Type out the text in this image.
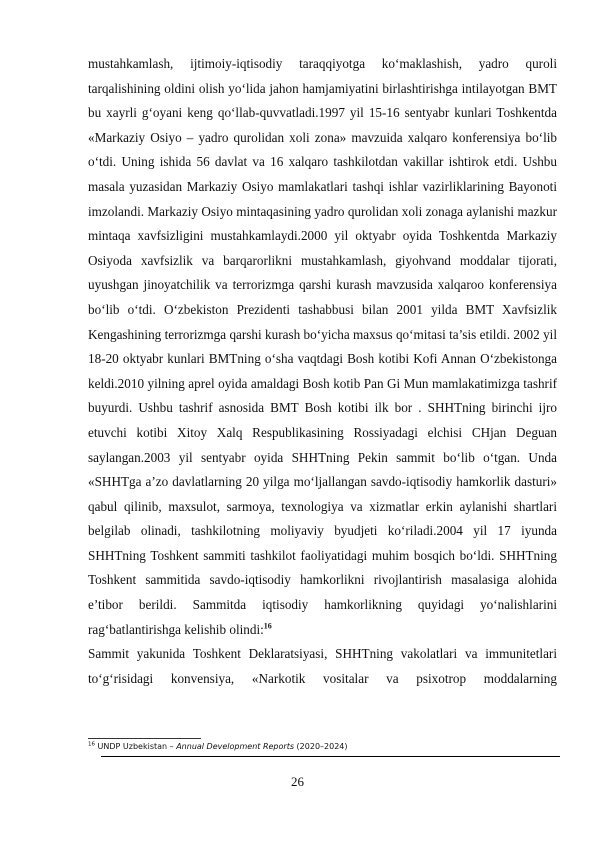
mustahkamlash, ijtimoiy-iqtisodiy taraqqiyotga ko‘maklashish, yadro quroli tarqalishining oldini olish yo‘lida jahon hamjamiyatini birlashtirishga intilayotgan BMT bu xayrli g‘oyani keng qo‘llab-quvvatladi.1997 yil 15-16 sentyabr kunlari Toshkentda «Markaziy Osiyo – yadro qurolidan xoli zona» mavzuida xalqaro konferensiya bo‘lib o‘tdi. Uning ishida 56 davlat va 16 xalqaro tashkilotdan vakillar ishtirok etdi. Ushbu masala yuzasidan Markaziy Osiyo mamlakatlari tashqi ishlar vazirliklarining Bayonoti imzolandi. Markaziy Osiyo mintaqasining yadro qurolidan xoli zonaga aylanishi mazkur mintaqa xavfsizligini mustahkamlaydi.2000 yil oktyabr oyida Toshkentda Markaziy Osiyoda xavfsizlik va barqarorlikni mustahkamlash, giyohvand moddalar tijorati, uyushgan jinoyatchilik va terrorizmga qarshi kurash mavzusida xalqaroo konferensiya bo‘lib o‘tdi. O‘zbekiston Prezidenti tashabbusi bilan 2001 yilda BMT Xavfsizlik Kengashining terrorizmga qarshi kurash bo‘yicha maxsus qo‘mitasi ta’sis etildi. 2002 yil 18-20 oktyabr kunlari BMTning o‘sha vaqtdagi Bosh kotibi Kofi Annan O‘zbekistonga keldi.2010 yilning aprel oyida amaldagi Bosh kotib Pan Gi Mun mamlakatimizga tashrif buyurdi. Ushbu tashrif asnosida BMT Bosh kotibi ilk bor . SHHTning birinchi ijro etuvchi kotibi Xitoy Xalq Respublikasining Rossiyadagi elchisi CHjan Deguan saylangan.2003 yil sentyabr oyida SHHTning Pekin sammit bo‘lib o‘tgan. Unda «SHHTga a’zo davlatlarning 20 yilga mo‘ljallangan savdo-iqtisodiy hamkorlik dasturi» qabul qilinib, maxsulot, sarmoya, texnologiya va xizmatlar erkin aylanishi shartlari belgilab olinadi, tashkilotning moliyaviy byudjeti ko‘riladi.2004 yil 17 iyunda SHHTning Toshkent sammiti tashkilot faoliyatidagi muhim bosqich bo‘ldi. SHHTning Toshkent sammitida savdo-iqtisodiy hamkorlikni rivojlantirish masalasiga alohida e’tibor berildi. Sammitda iqtisodiy hamkorlikning quyidagi yo‘nalishlarini rag‘batlantirishga kelishib olindi:$^{16}$

Sammit yakunida Toshkent Deklaratsiyasi, SHHTning vakolatlari va immunitetlari to‘g‘risidagi konvensiya, «Narkotik vositalar va psixotrop moddalarning

$^{16}$ UNDP Uzbekistan – Annual Development Reports (2020–2024)
26
